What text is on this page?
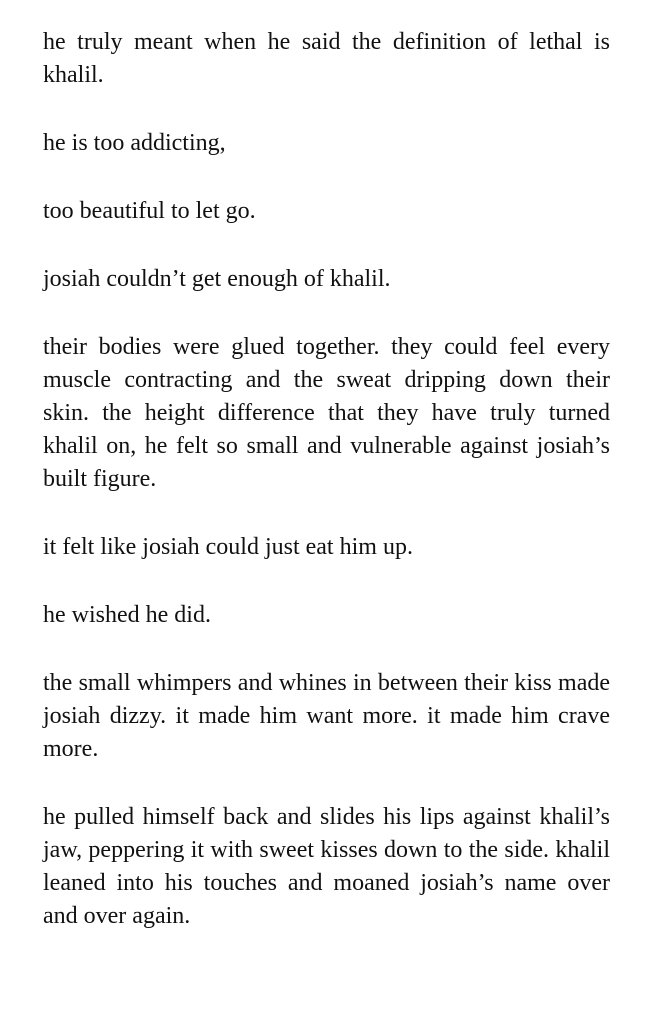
he truly meant when he said the definition of lethal is khalil.

he is too addicting,

too beautiful to let go.

josiah couldn’t get enough of khalil.

their bodies were glued together. they could feel every muscle contracting and the sweat dripping down their skin. the height difference that they have truly turned khalil on, he felt so small and vulnerable against josiah’s built figure.

it felt like josiah could just eat him up.

he wished he did.

the small whimpers and whines in between their kiss made josiah dizzy. it made him want more. it made him crave more.

he pulled himself back and slides his lips against khalil’s jaw, peppering it with sweet kisses down to the side. khalil leaned into his touches and moaned josiah’s name over and over again.
